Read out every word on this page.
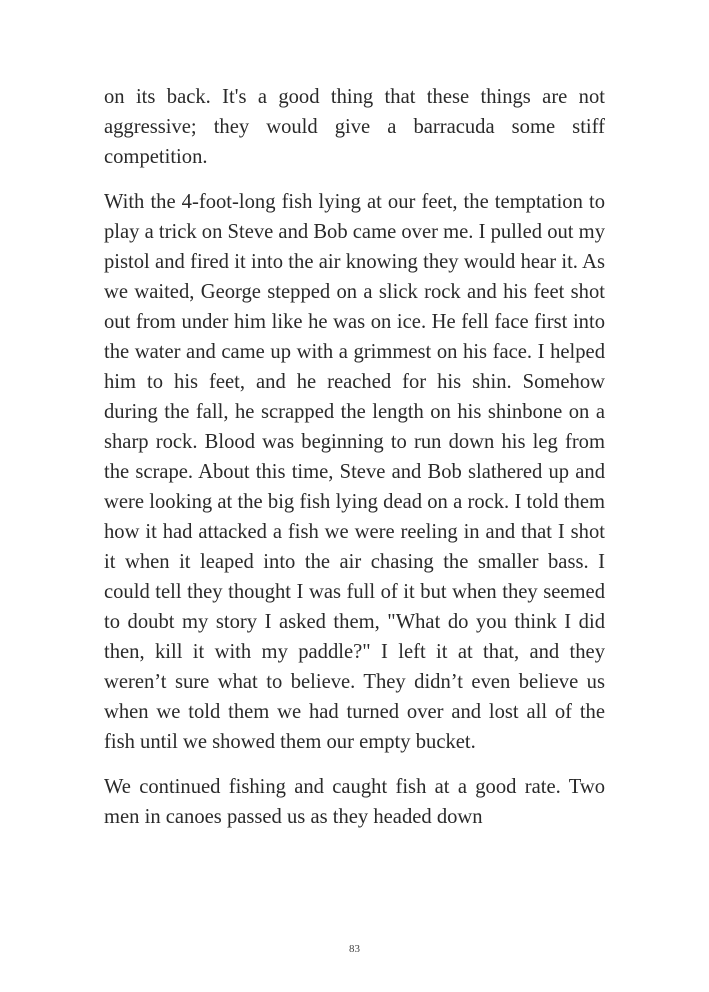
on its back. It's a good thing that these things are not aggressive; they would give a barracuda some stiff competition.

With the 4-foot-long fish lying at our feet, the temptation to play a trick on Steve and Bob came over me. I pulled out my pistol and fired it into the air knowing they would hear it. As we waited, George stepped on a slick rock and his feet shot out from under him like he was on ice. He fell face first into the water and came up with a grimmest on his face. I helped him to his feet, and he reached for his shin. Somehow during the fall, he scrapped the length on his shinbone on a sharp rock. Blood was beginning to run down his leg from the scrape. About this time, Steve and Bob slathered up and were looking at the big fish lying dead on a rock. I told them how it had attacked a fish we were reeling in and that I shot it when it leaped into the air chasing the smaller bass. I could tell they thought I was full of it but when they seemed to doubt my story I asked them, "What do you think I did then, kill it with my paddle?" I left it at that, and they weren’t sure what to believe. They didn’t even believe us when we told them we had turned over and lost all of the fish until we showed them our empty bucket.

We continued fishing and caught fish at a good rate. Two men in canoes passed us as they headed down

83
